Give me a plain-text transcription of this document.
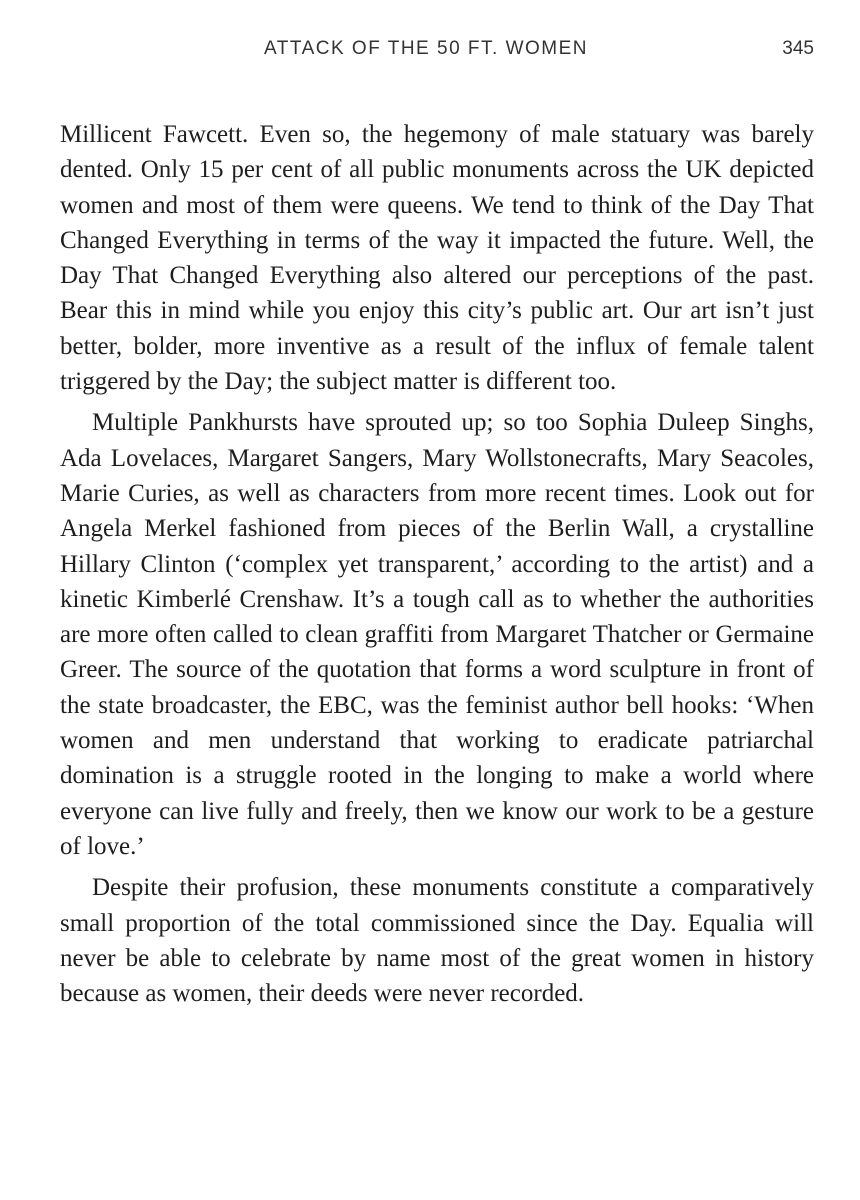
ATTACK OF THE 50 FT. WOMEN	345

Millicent Fawcett. Even so, the hegemony of male statuary was barely dented. Only 15 per cent of all public monuments across the UK depicted women and most of them were queens. We tend to think of the Day That Changed Everything in terms of the way it impacted the future. Well, the Day That Changed Everything also altered our perceptions of the past. Bear this in mind while you enjoy this city’s public art. Our art isn’t just better, bolder, more inventive as a result of the influx of female talent triggered by the Day; the subject matter is different too.

Multiple Pankhursts have sprouted up; so too Sophia Duleep Singhs, Ada Lovelaces, Margaret Sangers, Mary Wollstonecrafts, Mary Seacoles, Marie Curies, as well as characters from more recent times. Look out for Angela Merkel fashioned from pieces of the Berlin Wall, a crystalline Hillary Clinton (‘complex yet transparent,’ according to the artist) and a kinetic Kimberlé Crenshaw. It’s a tough call as to whether the authorities are more often called to clean graffiti from Margaret Thatcher or Germaine Greer. The source of the quotation that forms a word sculpture in front of the state broadcaster, the EBC, was the feminist author bell hooks: ‘When women and men understand that working to eradicate patriarchal domination is a struggle rooted in the longing to make a world where everyone can live fully and freely, then we know our work to be a gesture of love.’

Despite their profusion, these monuments constitute a comparatively small proportion of the total commissioned since the Day. Equalia will never be able to celebrate by name most of the great women in history because as women, their deeds were never recorded.
